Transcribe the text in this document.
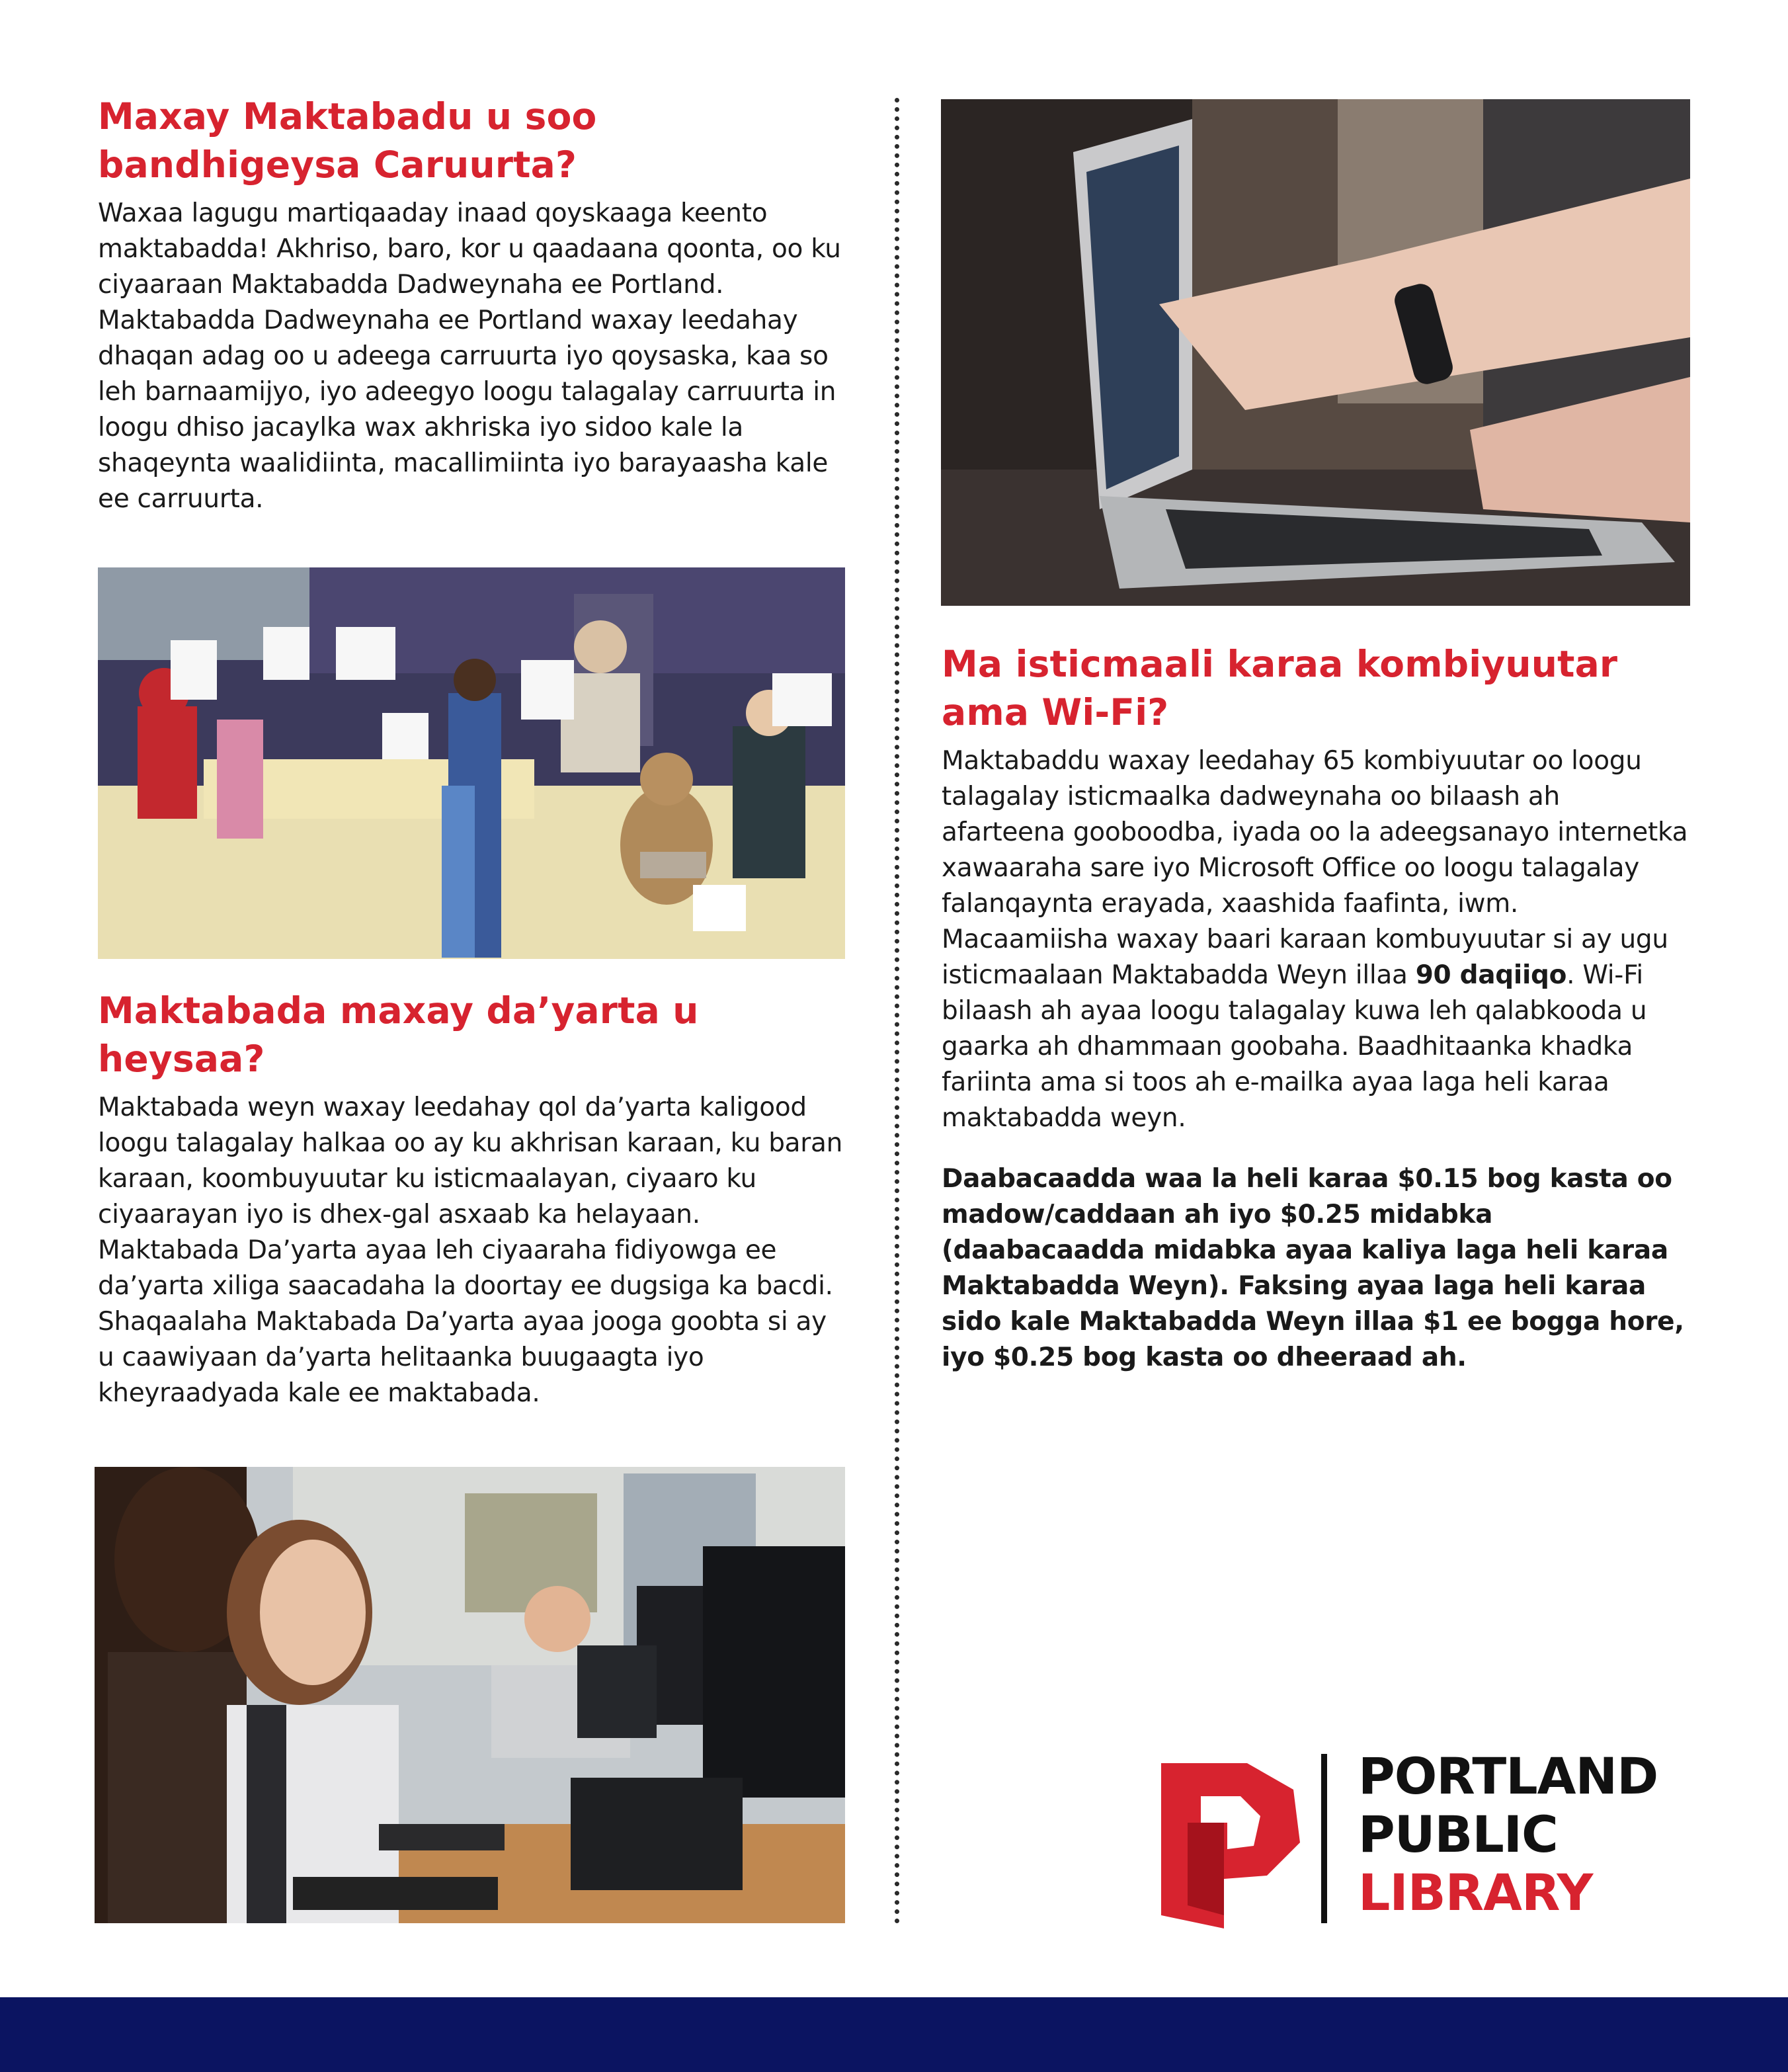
Maxay Maktabadu u soo bandhigeysa Caruurta?

Waxaa lagugu martiqaaday inaad qoyskaaga keento maktabadda! Akhriso, baro, kor u qaadaana qoonta, oo ku ciyaaraan Maktabadda Dadweynaha ee Portland. Maktabadda Dadweynaha ee Portland waxay leedahay dhaqan adag oo u adeega carruurta iyo qoysaska, kaa so leh barnaamijyo, iyo adeegyo loogu talagalay carruurta in loogu dhiso jacaylka wax akhriska iyo sidoo kale la shaqeynta waalidiinta, macallimiinta iyo barayaasha kale ee carruurta.

Maktabada maxay da’yarta u heysaa?

Maktabada weyn waxay leedahay qol da’yarta kaligood loogu talagalay halkaa oo ay ku akhrisan karaan, ku baran karaan, koombuyuutar ku isticmaalayan, ciyaaro ku ciyaarayan iyo is dhex-gal asxaab ka helayaan. Maktabada Da’yarta ayaa leh ciyaaraha fidiyowga ee da’yarta xiliga saacadaha la doortay ee dugsiga ka bacdi. Shaqaalaha Maktabada Da’yarta ayaa jooga goobta si ay u caawiyaan da’yarta helitaanka buugaagta iyo kheyraadyada kale ee maktabada.

Ma isticmaali karaa kombiyuutar ama Wi-Fi?

Maktabaddu waxay leedahay 65 kombiyuutar oo loogu talagalay isticmaalka dadweynaha oo bilaash ah afarteena gooboodba, iyada oo la adeegsanayo internetka xawaaraha sare iyo Microsoft Office oo loogu talagalay falanqaynta erayada, xaashida faafinta, iwm. Macaamiisha waxay baari karaan kombuyuutar si ay ugu isticmaalaan Maktabadda Weyn illaa 90 daqiiqo. Wi-Fi bilaash ah ayaa loogu talagalay kuwa leh qalabkooda u gaarka ah dhammaan goobaha. Baadhitaanka khadka fariinta ama si toos ah e-mailka ayaa laga heli karaa maktabadda weyn.

Daabacaadda waa la heli karaa $0.15 bog kasta oo madow/caddaan ah iyo $0.25 midabka (daabacaadda midabka ayaa kaliya laga heli karaa Maktabadda Weyn). Faksing ayaa laga heli karaa sido kale Maktabadda Weyn illaa $1 ee bogga hore, iyo $0.25 bog kasta oo dheeraad ah.

PORTLAND
PUBLIC
LIBRARY
